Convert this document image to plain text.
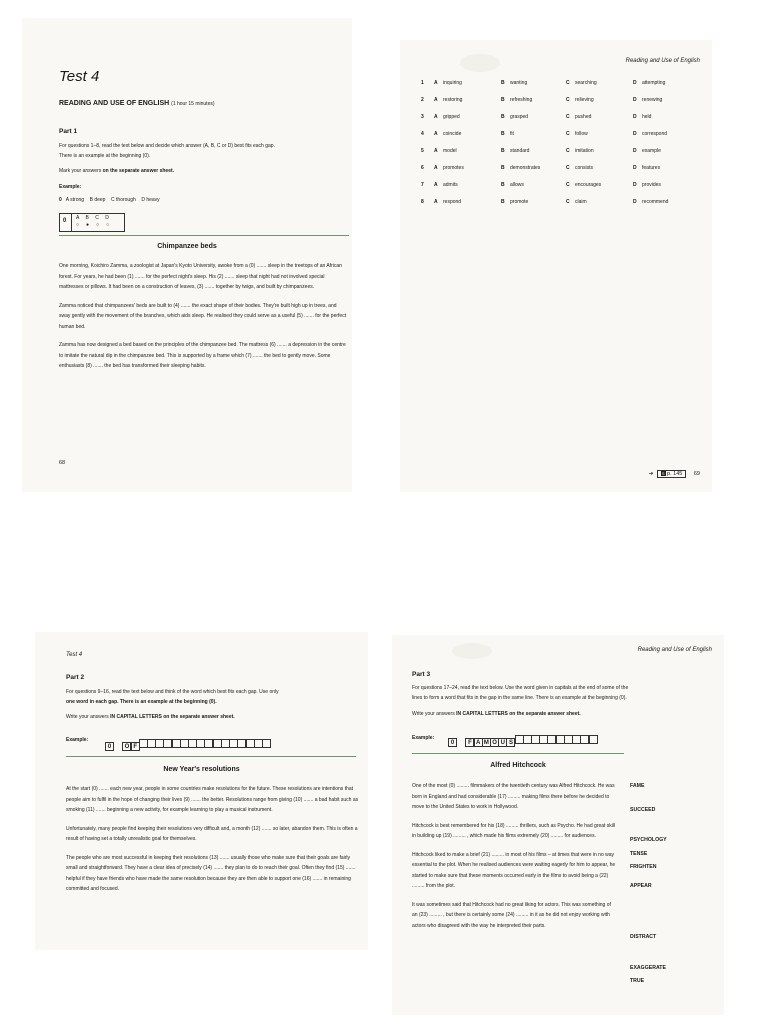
Test 4
READING AND USE OF ENGLISH (1 hour 15 minutes)
Part 1
For questions 1–8, read the text below and decide which answer (A, B, C or D) best fits each gap.
There is an example at the beginning (0).
Mark your answers on the separate answer sheet.
Example:
0 A strong B deep C thorough D heavy
0 A B C D
○●○○
Chimpanzee beds

One morning, Koichiro Zamma, a zoologist at Japan's Kyoto University, awoke from a (0) ....... sleep in the treetops of an African forest. For years, he had been (1) ....... for the perfect night's sleep. His (2) ....... sleep that night had not involved special mattresses or pillows. It had been on a construction of leaves, (3) ....... together by twigs, and built by chimpanzees.

Zamma noticed that chimpanzees' beds are built to (4) ....... the exact shape of their bodies. They're built high up in trees, and sway gently with the movement of the branches, which aids sleep. He realised they could serve as a useful (5) ....... for the perfect human bed.

Zamma has now designed a bed based on the principles of the chimpanzee bed. The mattress (6) ....... a depression in the centre to imitate the natural dip in the chimpanzee bed. This is supported by a frame which (7) ....... the bed to gently move. Some enthusiasts (8) ....... the bed has transformed their sleeping habits.

68
Reading and Use of English
1 A inquiring	B wanting	C searching	D attempting
2 A restoring	B refreshing	C relieving	D renewing
3 A gripped	B grasped	C pushed	D held
4 A coincide	B fit	C follow	D correspond
5 A model	B standard	C imitation	D example
6 A promotes	B demonstrates	C consists	D features
7 A admits	B allows	C encourages	D provides
8 A respond	B promote	C claim	D recommend
➔ S p. 145 69
Test 4
Part 2
For questions 9–16, read the text below and think of the word which best fits each gap. Use only
one word in each gap. There is an example at the beginning (0).
Write your answers IN CAPITAL LETTERS on the separate answer sheet.
Example:
0 O F
New Year's resolutions

At the start (0) ....... each new year, people in some countries make resolutions for the future. These resolutions are intentions that people aim to fulfil in the hope of changing their lives (9) ....... the better. Resolutions range from giving (10) ....... a bad habit such as smoking (11) ....... beginning a new activity, for example learning to play a musical instrument.

Unfortunately, many people find keeping their resolutions very difficult and, a month (12) ....... so later, abandon them. This is often a result of having set a totally unrealistic goal for themselves.

The people who are most successful in keeping their resolutions (13) ....... usually those who make sure that their goals are fairly small and straightforward. They have a clear idea of precisely (14) ....... they plan to do to reach their goal. Often they find (15) ....... helpful if they have friends who have made the same resolution because they are then able to support one (16) ....... in remaining committed and focused.

Reading and Use of English
Part 3
For questions 17–24, read the text below. Use the word given in capitals at the end of some of the
lines to form a word that fits in the gap in the same line. There is an example at the beginning (0).
Write your answers IN CAPITAL LETTERS on the separate answer sheet.
Example:
0 F A M O U S
Alfred Hitchcock

One of the most (0) ......... filmmakers of the twentieth century was Alfred Hitchcock. He was born in England and had considerable (17) ......... making films there before he decided to move to the United States to work in Hollywood.

Hitchcock is best remembered for his (18) ......... thrillers, such as Psycho. He had great skill in building up (19) ......... , which made his films extremely (20) ......... for audiences.

Hitchcock liked to make a brief (21) ......... in most of his films – at times that were in no way essential to the plot. When he realised audiences were waiting eagerly for him to appear, he started to make sure that these moments occurred early in the films to avoid being a (22) ......... from the plot.

It was sometimes said that Hitchcock had no great liking for actors. This was something of an (23) ......... , but there is certainly some (24) ......... in it as he did not enjoy working with actors who disagreed with the way he interpreted their parts.

FAME
SUCCEED
PSYCHOLOGY
TENSE
FRIGHTEN
APPEAR
DISTRACT
EXAGGERATE
TRUE
